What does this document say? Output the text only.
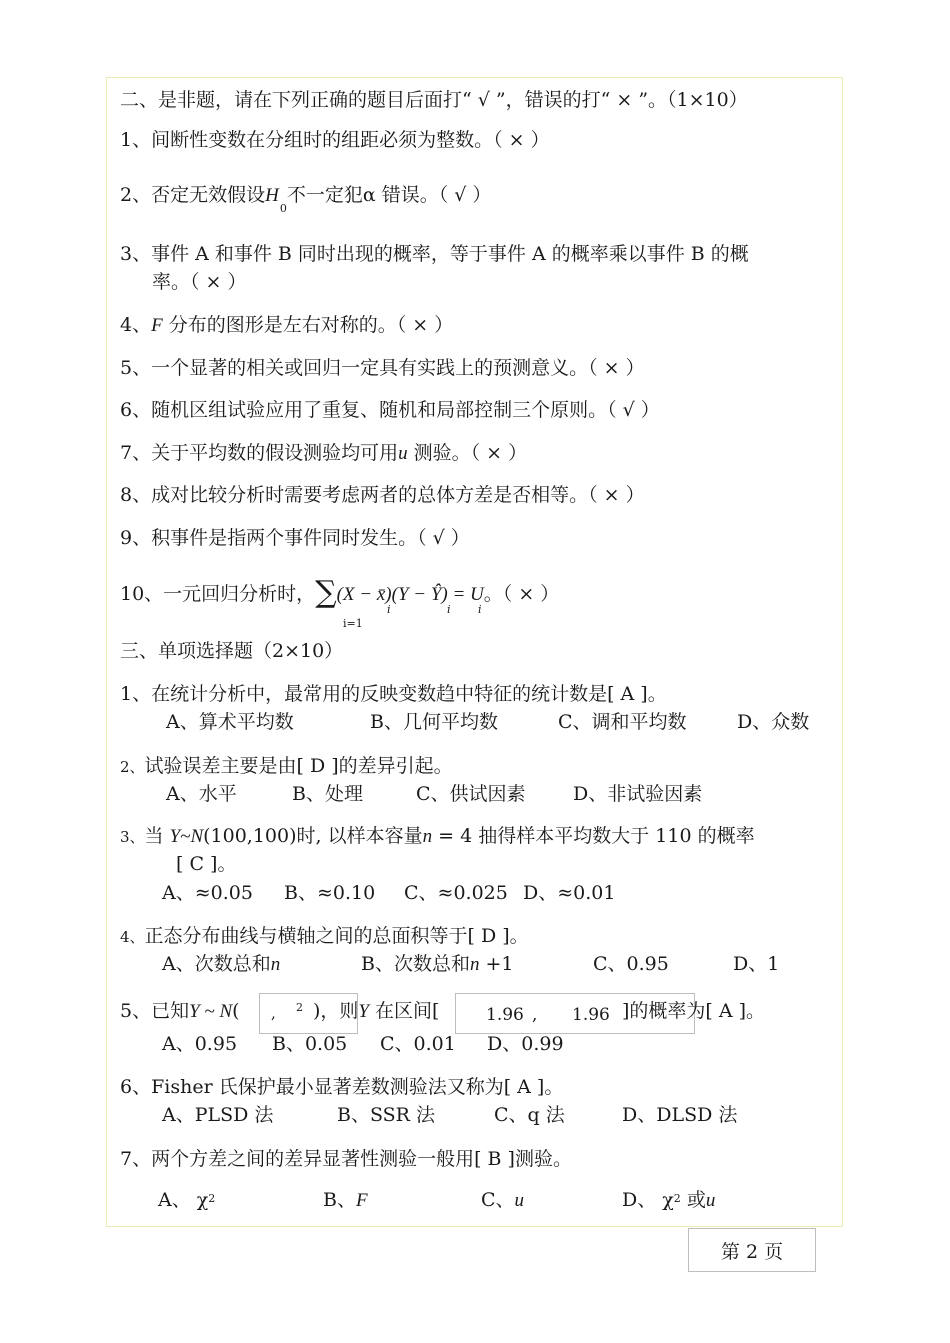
二、是非题，请在下列正确的题目后面打“ √ ”，错误的打“ × ”。（1×10）
1、间断性变数在分组时的组距必须为整数。（ × ）
2、否定无效假设$H_0$不一定犯α 错误。（ √ ）
3、事件 A 和事件 B 同时出现的概率，等于事件 A 的概率乘以事件 B 的概
率。（ × ）
4、F 分布的图形是左右对称的。（ × ）
5、一个显著的相关或回归一定具有实践上的预测意义。（ × ）
6、随机区组试验应用了重复、随机和局部控制三个原则。（ √ ）
7、关于平均数的假设测验均可用u 测验。（ × ）
8、成对比较分析时需要考虑两者的总体方差是否相等。（ × ）
9、积事件是指两个事件同时发生。（ √ ）
10、一元回归分析时，∑(X − x̄)(Y − Ŷ) = U。（ × ）
i=1
i	i i
三、单项选择题（2×10）
1、在统计分析中，最常用的反映变数趋中特征的统计数是[ A ]。
A、算术平均数	B、几何平均数	C、调和平均数	D、众数
2、试验误差主要是由[ D ]的差异引起。
A、水平	B、处理	C、供试因素 D、非试验因素
3、当 Y~N(100,100)时, 以样本容量n = 4 抽得样本平均数大于 110 的概率
[ C ]。
A、≈0.05 B、≈0.10 C、≈0.025 D、≈0.01
4、正态分布曲线与横轴之间的总面积等于[ D ]。
A、次数总和n	B、次数总和n +1	C、0.95	D、1
5、已知Y ~ N( , 2 )，则Y 在区间[	1.96 , 1.96 ]的概率为[ A ]。
A、0.95 B、0.05 C、0.01 D、0.99
6、Fisher 氏保护最小显著差数测验法又称为[ A ]。
A、PLSD 法	B、SSR 法	C、q 法	D、DLSD 法
7、两个方差之间的差异显著性测验一般用[ B ]测验。
A、 $\chi^2$	B、F	C、u	D、 $\chi^2$ 或u
第 2 页
